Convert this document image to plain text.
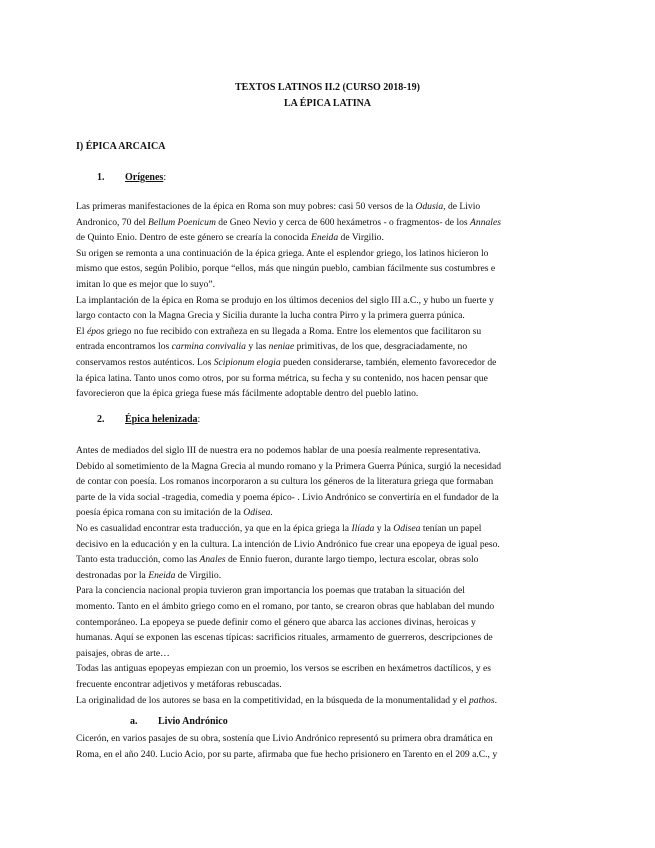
TEXTOS LATINOS II.2 (CURSO 2018-19)
LA ÉPICA LATINA
I) ÉPICA ARCAICA
1. Orígenes:
Las primeras manifestaciones de la épica en Roma son muy pobres: casi 50 versos de la Odusia, de Livio
Andronico, 70 del Bellum Poenicum de Gneo Nevio y cerca de 600 hexámetros - o fragmentos- de los Annales
de Quinto Enio. Dentro de este género se crearía la conocida Eneida de Virgilio.
Su origen se remonta a una continuación de la épica griega. Ante el esplendor griego, los latinos hicieron lo
mismo que estos, según Polibio, porque “ellos, más que ningún pueblo, cambian fácilmente sus costumbres e
imitan lo que es mejor que lo suyo”.
La implantación de la épica en Roma se produjo en los últimos decenios del siglo III a.C., y hubo un fuerte y
largo contacto con la Magna Grecia y Sicilia durante la lucha contra Pirro y la primera guerra púnica.
El épos griego no fue recibido con extrañeza en su llegada a Roma. Entre los elementos que facilitaron su
entrada encontramos los carmina convivalia y las neniae primitivas, de los que, desgraciadamente, no
conservamos restos auténticos. Los Scipionum elogia pueden considerarse, también, elemento favorecedor de
la épica latina. Tanto unos como otros, por su forma métrica, su fecha y su contenido, nos hacen pensar que
favorecieron que la épica griega fuese más fácilmente adoptable dentro del pueblo latino.
2. Épica helenizada:
Antes de mediados del siglo III de nuestra era no podemos hablar de una poesía realmente representativa.
Debido al sometimiento de la Magna Grecia al mundo romano y la Primera Guerra Púnica, surgió la necesidad
de contar con poesía. Los romanos incorporaron a su cultura los géneros de la literatura griega que formaban
parte de la vida social -tragedia, comedia y poema épico- . Livio Andrónico se convertiría en el fundador de la
poesía épica romana con su imitación de la Odisea.
No es casualidad encontrar esta traducción, ya que en la épica griega la Ilíada y la Odisea tenían un papel
decisivo en la educación y en la cultura. La intención de Livio Andrónico fue crear una epopeya de igual peso.
Tanto esta traducción, como las Anales de Ennio fueron, durante largo tiempo, lectura escolar, obras solo
destronadas por la Eneida de Virgilio.
Para la conciencia nacional propia tuvieron gran importancia los poemas que trataban la situación del
momento. Tanto en el ámbito griego como en el romano, por tanto, se crearon obras que hablaban del mundo
contemporáneo. La epopeya se puede definir como el género que abarca las acciones divinas, heroicas y
humanas. Aquí se exponen las escenas típicas: sacrificios rituales, armamento de guerreros, descripciones de
paisajes, obras de arte…
Todas las antiguas epopeyas empiezan con un proemio, los versos se escriben en hexámetros dactílicos, y es
frecuente encontrar adjetivos y metáforas rebuscadas.
La originalidad de los autores se basa en la competitividad, en la búsqueda de la monumentalidad y el pathos.
a. Livio Andrónico
Cicerón, en varios pasajes de su obra, sostenía que Livio Andrónico representó su primera obra dramática en
Roma, en el año 240. Lucio Acio, por su parte, afirmaba que fue hecho prisionero en Tarento en el 209 a.C., y
